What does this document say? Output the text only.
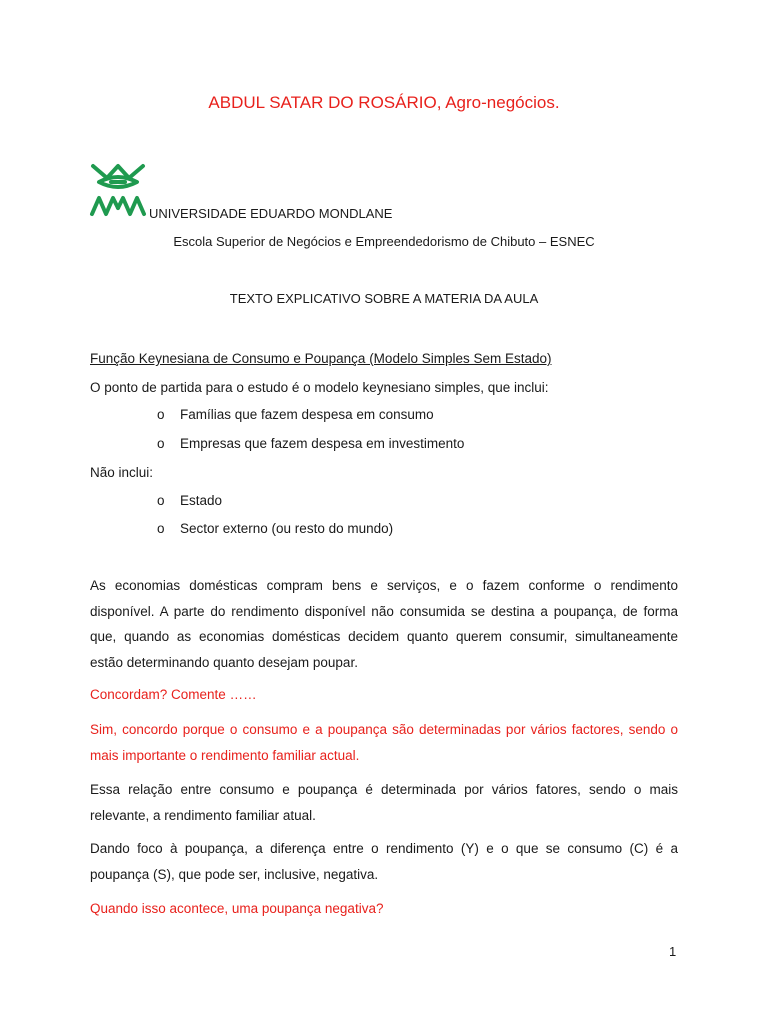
ABDUL SATAR DO ROSÁRIO, Agro-negócios.
UNIVERSIDADE EDUARDO MONDLANE
Escola Superior de Negócios e Empreendedorismo de Chibuto – ESNEC
TEXTO EXPLICATIVO SOBRE A MATERIA DA AULA
Função Keynesiana de Consumo e Poupança (Modelo Simples Sem Estado)
O ponto de partida para o estudo é o modelo keynesiano simples, que inclui:
o Famílias que fazem despesa em consumo
o Empresas que fazem despesa em investimento
Não inclui:
o Estado
o Sector externo (ou resto do mundo)
As economias domésticas compram bens e serviços, e o fazem conforme o rendimento disponível. A parte do rendimento disponível não consumida se destina a poupança, de forma que, quando as economias domésticas decidem quanto querem consumir, simultaneamente estão determinando quanto desejam poupar.
Concordam? Comente ……
Sim, concordo porque o consumo e a poupança são determinadas por vários factores, sendo o mais importante o rendimento familiar actual.
Essa relação entre consumo e poupança é determinada por vários fatores, sendo o mais relevante, a rendimento familiar atual.
Dando foco à poupança, a diferença entre o rendimento (Y) e o que se consumo (C) é a poupança (S), que pode ser, inclusive, negativa.
Quando isso acontece, uma poupança negativa?
1
